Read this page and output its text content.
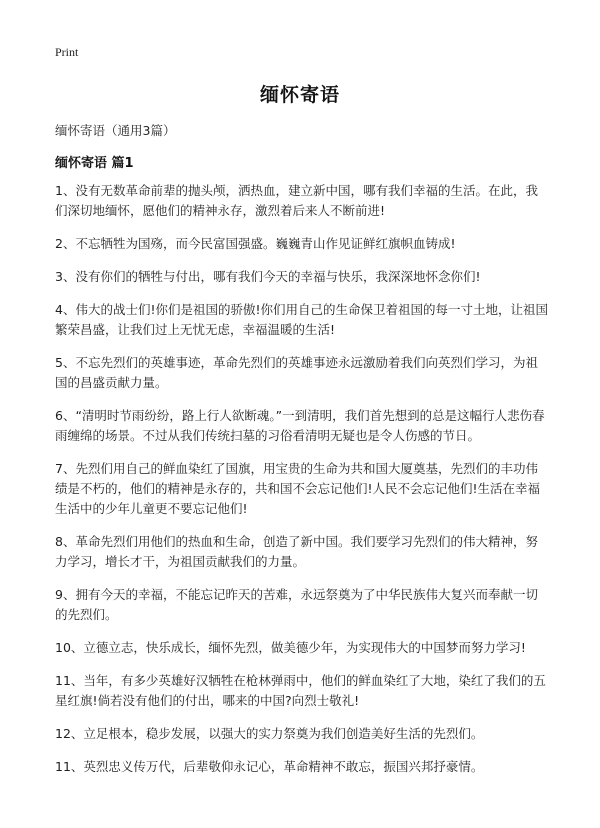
Print
缅怀寄语
缅怀寄语（通用3篇）
缅怀寄语 篇1

1、没有无数革命前辈的抛头颅，洒热血，建立新中国，哪有我们幸福的生活。在此，我们深切地缅怀，愿他们的精神永存，激烈着后来人不断前进!

2、不忘牺牲为国殇，而今民富国强盛。巍巍青山作见证鲜红旗帜血铸成!

3、没有你们的牺牲与付出，哪有我们今天的幸福与快乐，我深深地怀念你们!

4、伟大的战士们!你们是祖国的骄傲!你们用自己的生命保卫着祖国的每一寸土地，让祖国繁荣昌盛，让我们过上无忧无虑，幸福温暖的生活!

5、不忘先烈们的英雄事迹，革命先烈们的英雄事迹永远激励着我们向英烈们学习，为祖国的昌盛贡献力量。

6、“清明时节雨纷纷，路上行人欲断魂。”一到清明，我们首先想到的总是这幅行人悲伤春雨缠绵的场景。不过从我们传统扫墓的习俗看清明无疑也是令人伤感的节日。

7、先烈们用自己的鲜血染红了国旗，用宝贵的生命为共和国大厦奠基，先烈们的丰功伟绩是不朽的，他们的精神是永存的，共和国不会忘记他们!人民不会忘记他们!生活在幸福生活中的少年儿童更不要忘记他们!

8、革命先烈们用他们的热血和生命，创造了新中国。我们要学习先烈们的伟大精神，努力学习，增长才干，为祖国贡献我们的力量。

9、拥有今天的幸福，不能忘记昨天的苦难，永远祭奠为了中华民族伟大复兴而奉献一切的先烈们。

10、立德立志，快乐成长，缅怀先烈，做美德少年，为实现伟大的中国梦而努力学习!

11、当年，有多少英雄好汉牺牲在枪林弹雨中，他们的鲜血染红了大地，染红了我们的五星红旗!倘若没有他们的付出，哪来的中国?向烈士敬礼!

12、立足根本，稳步发展，以强大的实力祭奠为我们创造美好生活的先烈们。

11、英烈忠义传万代，后辈敬仰永记心，革命精神不敢忘，振国兴邦抒豪情。
